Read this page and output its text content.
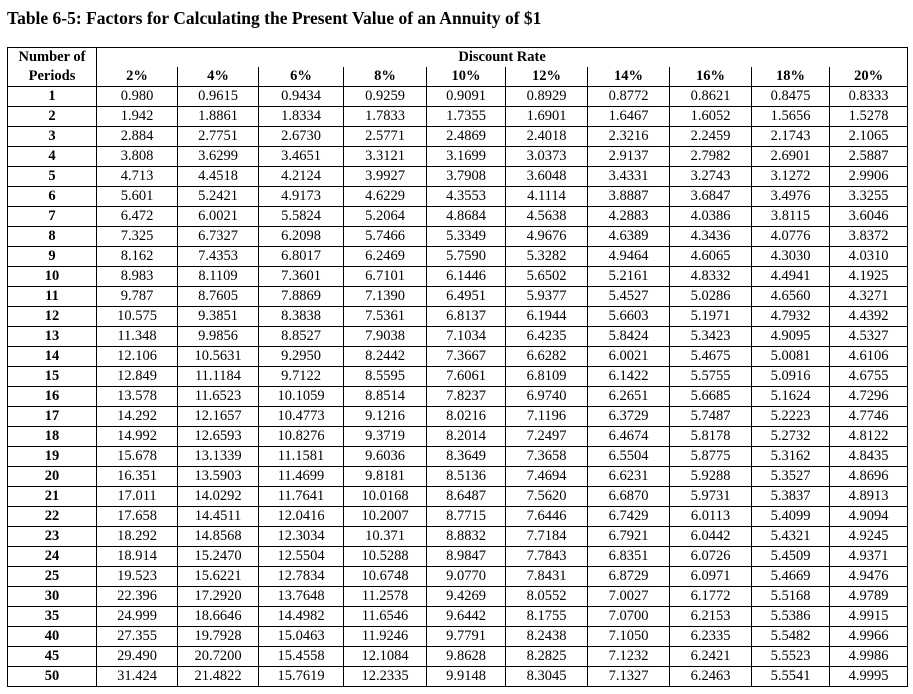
Table 6-5: Factors for Calculating the Present Value of an Annuity of $1
Number of
Periods	Discount Rate									
	2%	4%	6%	8%	10%	12%	14%	16%	18%	20%
1	0.980	0.9615	0.9434	0.9259	0.9091	0.8929	0.8772	0.8621	0.8475	0.8333
2	1.942	1.8861	1.8334	1.7833	1.7355	1.6901	1.6467	1.6052	1.5656	1.5278
3	2.884	2.7751	2.6730	2.5771	2.4869	2.4018	2.3216	2.2459	2.1743	2.1065
4	3.808	3.6299	3.4651	3.3121	3.1699	3.0373	2.9137	2.7982	2.6901	2.5887
5	4.713	4.4518	4.2124	3.9927	3.7908	3.6048	3.4331	3.2743	3.1272	2.9906
6	5.601	5.2421	4.9173	4.6229	4.3553	4.1114	3.8887	3.6847	3.4976	3.3255
7	6.472	6.0021	5.5824	5.2064	4.8684	4.5638	4.2883	4.0386	3.8115	3.6046
8	7.325	6.7327	6.2098	5.7466	5.3349	4.9676	4.6389	4.3436	4.0776	3.8372
9	8.162	7.4353	6.8017	6.2469	5.7590	5.3282	4.9464	4.6065	4.3030	4.0310
10	8.983	8.1109	7.3601	6.7101	6.1446	5.6502	5.2161	4.8332	4.4941	4.1925
11	9.787	8.7605	7.8869	7.1390	6.4951	5.9377	5.4527	5.0286	4.6560	4.3271
12	10.575	9.3851	8.3838	7.5361	6.8137	6.1944	5.6603	5.1971	4.7932	4.4392
13	11.348	9.9856	8.8527	7.9038	7.1034	6.4235	5.8424	5.3423	4.9095	4.5327
14	12.106	10.5631	9.2950	8.2442	7.3667	6.6282	6.0021	5.4675	5.0081	4.6106
15	12.849	11.1184	9.7122	8.5595	7.6061	6.8109	6.1422	5.5755	5.0916	4.6755
16	13.578	11.6523	10.1059	8.8514	7.8237	6.9740	6.2651	5.6685	5.1624	4.7296
17	14.292	12.1657	10.4773	9.1216	8.0216	7.1196	6.3729	5.7487	5.2223	4.7746
18	14.992	12.6593	10.8276	9.3719	8.2014	7.2497	6.4674	5.8178	5.2732	4.8122
19	15.678	13.1339	11.1581	9.6036	8.3649	7.3658	6.5504	5.8775	5.3162	4.8435
20	16.351	13.5903	11.4699	9.8181	8.5136	7.4694	6.6231	5.9288	5.3527	4.8696
21	17.011	14.0292	11.7641	10.0168	8.6487	7.5620	6.6870	5.9731	5.3837	4.8913
22	17.658	14.4511	12.0416	10.2007	8.7715	7.6446	6.7429	6.0113	5.4099	4.9094
23	18.292	14.8568	12.3034	10.371	8.8832	7.7184	6.7921	6.0442	5.4321	4.9245
24	18.914	15.2470	12.5504	10.5288	8.9847	7.7843	6.8351	6.0726	5.4509	4.9371
25	19.523	15.6221	12.7834	10.6748	9.0770	7.8431	6.8729	6.0971	5.4669	4.9476
30	22.396	17.2920	13.7648	11.2578	9.4269	8.0552	7.0027	6.1772	5.5168	4.9789
35	24.999	18.6646	14.4982	11.6546	9.6442	8.1755	7.0700	6.2153	5.5386	4.9915
40	27.355	19.7928	15.0463	11.9246	9.7791	8.2438	7.1050	6.2335	5.5482	4.9966
45	29.490	20.7200	15.4558	12.1084	9.8628	8.2825	7.1232	6.2421	5.5523	4.9986
50	31.424	21.4822	15.7619	12.2335	9.9148	8.3045	7.1327	6.2463	5.5541	4.9995
